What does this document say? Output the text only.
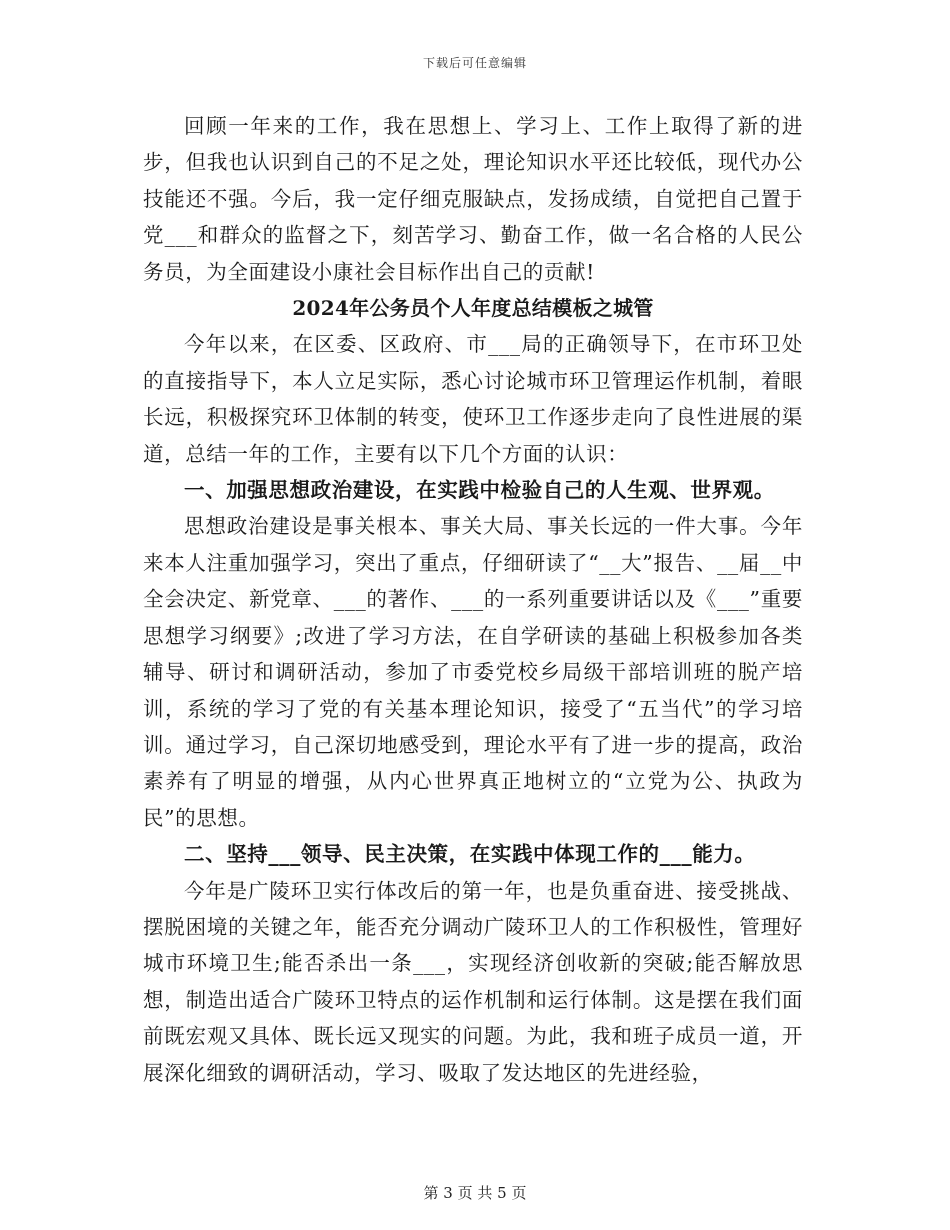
下载后可任意编辑

回顾一年来的工作，我在思想上、学习上、工作上取得了新的进步，但我也认识到自己的不足之处，理论知识水平还比较低，现代办公技能还不强。今后，我一定仔细克服缺点，发扬成绩，自觉把自己置于党___和群众的监督之下，刻苦学习、勤奋工作，做一名合格的人民公务员，为全面建设小康社会目标作出自己的贡献!

2024年公务员个人年度总结模板之城管

今年以来，在区委、区政府、市___局的正确领导下，在市环卫处的直接指导下，本人立足实际，悉心讨论城市环卫管理运作机制，着眼长远，积极探究环卫体制的转变，使环卫工作逐步走向了良性进展的渠道，总结一年的工作，主要有以下几个方面的认识：

一、加强思想政治建设，在实践中检验自己的人生观、世界观。

思想政治建设是事关根本、事关大局、事关长远的一件大事。今年来本人注重加强学习，突出了重点，仔细研读了“__大”报告、__届__中全会决定、新党章、___的著作、___的一系列重要讲话以及《___”重要思想学习纲要》;改进了学习方法，在自学研读的基础上积极参加各类辅导、研讨和调研活动，参加了市委党校乡局级干部培训班的脱产培训，系统的学习了党的有关基本理论知识，接受了“五当代”的学习培训。通过学习，自己深切地感受到，理论水平有了进一步的提高，政治素养有了明显的增强，从内心世界真正地树立的“立党为公、执政为民”的思想。

二、坚持___领导、民主决策，在实践中体现工作的___能力。

今年是广陵环卫实行体改后的第一年，也是负重奋进、接受挑战、摆脱困境的关键之年，能否充分调动广陵环卫人的工作积极性，管理好城市环境卫生;能否杀出一条___，实现经济创收新的突破;能否解放思想，制造出适合广陵环卫特点的运作机制和运行体制。这是摆在我们面前既宏观又具体、既长远又现实的问题。为此，我和班子成员一道，开展深化细致的调研活动，学习、吸取了发达地区的先进经验，

第 3 页 共 5 页
